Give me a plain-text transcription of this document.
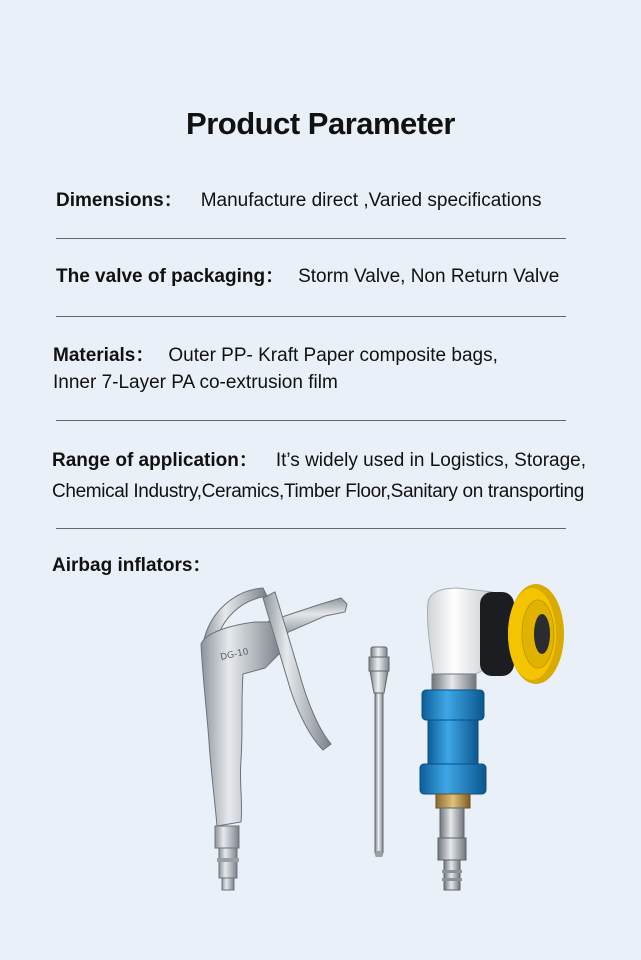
Product Parameter
Dimensions： Manufacture direct ,Varied specifications
The valve of packaging： Storm Valve, Non Return Valve
Materials： Outer PP- Kraft Paper composite bags,
Inner 7-Layer PA co-extrusion film
Range of application： It’s widely used in Logistics, Storage,
Chemical Industry,Ceramics,Timber Floor,Sanitary on transporting
Airbag inflators：
DG-10
